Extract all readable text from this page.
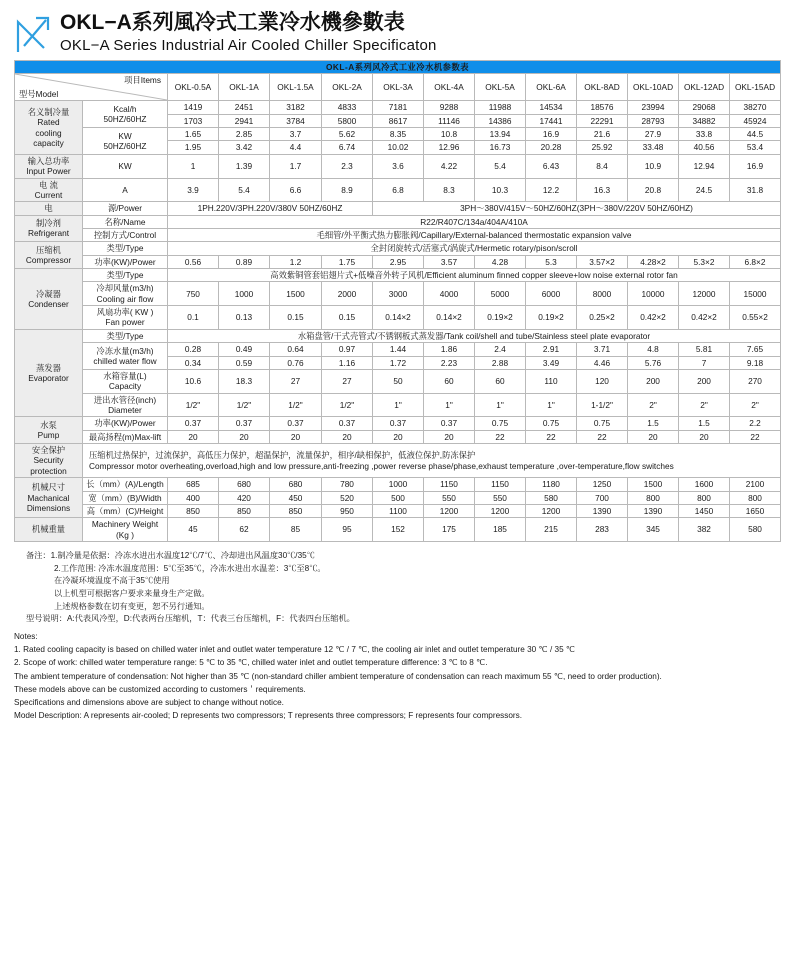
OKL−A系列風冷式工業冷水機參數表
OKL−A Series Industrial Air Cooled Chiller Specificaton
OKL-A系列风冷式工业冷水机参数表													

型号Model
项目Items		OKL-0.5A	OKL-1A	OKL-1.5A	OKL-2A	OKL-3A	OKL-4A	OKL-5A	OKL-6A	OKL-8AD	OKL-10AD	OKL-12AD	OKL-15AD
名义制冷量
Rated
cooling
capacity	Kcal/h
50HZ/60HZ	1419	2451	3182	4833	7181	9288	11988	14534	18576	23994	29068	38270
		1703	2941	3784	5800	8617	11146	14386	17441	22291	28793	34882	45924
	KW
50HZ/60HZ	1.65	2.85	3.7	5.62	8.35	10.8	13.94	16.9	21.6	27.9	33.8	44.5
		1.95	3.42	4.4	6.74	10.02	12.96	16.73	20.28	25.92	33.48	40.56	53.4
输入总功率
Input Power	KW	1	1.39	1.7	2.3	3.6	4.22	5.4	6.43	8.4	10.9	12.94	16.9
电 流
Current	A	3.9	5.4	6.6	8.9	6.8	8.3	10.3	12.2	16.3	20.8	24.5	31.8
电	源/Power	1PH.220V/3PH.220V/380V 50HZ/60HZ				3PH～380V/415V～50HZ/60HZ(3PH～380V/220V 50HZ/60HZ)							
制冷剂
Refrigerant	名称/Name	R22/R407C/134a/404A/410A											
	控制方式/Control	毛细管/外平衡式热力膨胀阀/Capillary/External-balanced thermostatic expansion valve											
压缩机
Compressor	类型/Type	全封闭旋转式/活塞式/涡旋式/Hermetic rotary/pison/scroll											
	功率(KW)/Power	0.56	0.89	1.2	1.75	2.95	3.57	4.28	5.3	3.57×2	4.28×2	5.3×2	6.8×2
冷凝器
Condenser	类型/Type	高效紫铜管套铝翅片式+低噪音外转子风机/Efficient aluminum finned copper sleeve+low noise external rotor fan											
	冷却风量(m3/h)
Cooling air flow	750	1000	1500	2000	3000	4000	5000	6000	8000	10000	12000	15000
	风扇功率( KW )
Fan power	0.1	0.13	0.15	0.15	0.14×2	0.14×2	0.19×2	0.19×2	0.25×2	0.42×2	0.42×2	0.55×2
蒸发器
Evaporator	类型/Type	水箱盘管/干式壳管式/不锈钢板式蒸发器/Tank coil/shell and tube/Stainless steel plate evaporator											
	冷冻水量(m3/h)
chilled water flow	0.28	0.49	0.64	0.97	1.44	1.86	2.4	2.91	3.71	4.8	5.81	7.65
		0.34	0.59	0.76	1.16	1.72	2.23	2.88	3.49	4.46	5.76	7	9.18
	水箱容量(L)
Capacity	10.6	18.3	27	27	50	60	60	110	120	200	200	270
	进出水管径(inch)
Diameter	1/2"	1/2"	1/2"	1/2"	1"	1"	1"	1"	1-1/2"	2"	2"	2"
水泵
Pump	功率(KW)/Power	0.37	0.37	0.37	0.37	0.37	0.37	0.75	0.75	0.75	1.5	1.5	2.2
	最高扬程(m)Max-lift	20	20	20	20	20	20	22	22	22	20	20	22
安全保护
Security protection	压缩机过热保护，过流保护，高低压力保护，超温保护，流量保护，相序/缺相保护，低液位保护,防冻保护
Compressor motor overheating,overload,high and low pressure,anti-freezing ,power reverse phase/phase,exhaust temperature ,over-temperature,flow switches												
机械尺寸
Machanical
Dimensions	长（mm）(A)/Length	685	680	680	780	1000	1150	1150	1180	1250	1500	1600	2100
	宽（mm）(B)/Width	400	420	450	520	500	550	550	580	700	800	800	800
	高（mm）(C)/Height	850	850	850	950	1100	1200	1200	1200	1390	1390	1450	1650
机械重量	Machinery Weight
(Kg )	45	62	85	95	152	175	185	215	283	345	382	580
备注：1.制冷量是依据：冷冻水进出水温度12℃/7℃、冷却进出风温度30℃/35℃
2.工作范围: 冷冻水温度范围：5℃至35℃，冷冻水进出水温差：3℃至8℃。
在冷凝环境温度不高于35℃使用
以上机型可根据客户要求来量身生产定做。
上述规格参数在切有变更，恕不另行通知。
型号说明：A:代表风冷型，D:代表两台压缩机，T：代表三台压缩机，F：代表四台压缩机。
Notes:
1. Rated cooling capacity is based on chilled water inlet and outlet water temperature 12 ℃ / 7 ℃, the cooling air inlet and outlet temperature 30 ℃ / 35 ℃
2. Scope of work: chilled water temperature range: 5 ℃ to 35 ℃, chilled water inlet and outlet temperature difference: 3 ℃ to 8 ℃.
The ambient temperature of condensation: Not higher than 35 ℃ (non-standard chiller ambient temperature of condensation can reach maximum 55 ℃, need to order production).
These models above can be customized according to customers＇requirements.
Specifications and dimensions above are subject to change without notice.
Model Description: A represents air-cooled; D represents two compressors; T represents three compressors; F represents four compressors.
